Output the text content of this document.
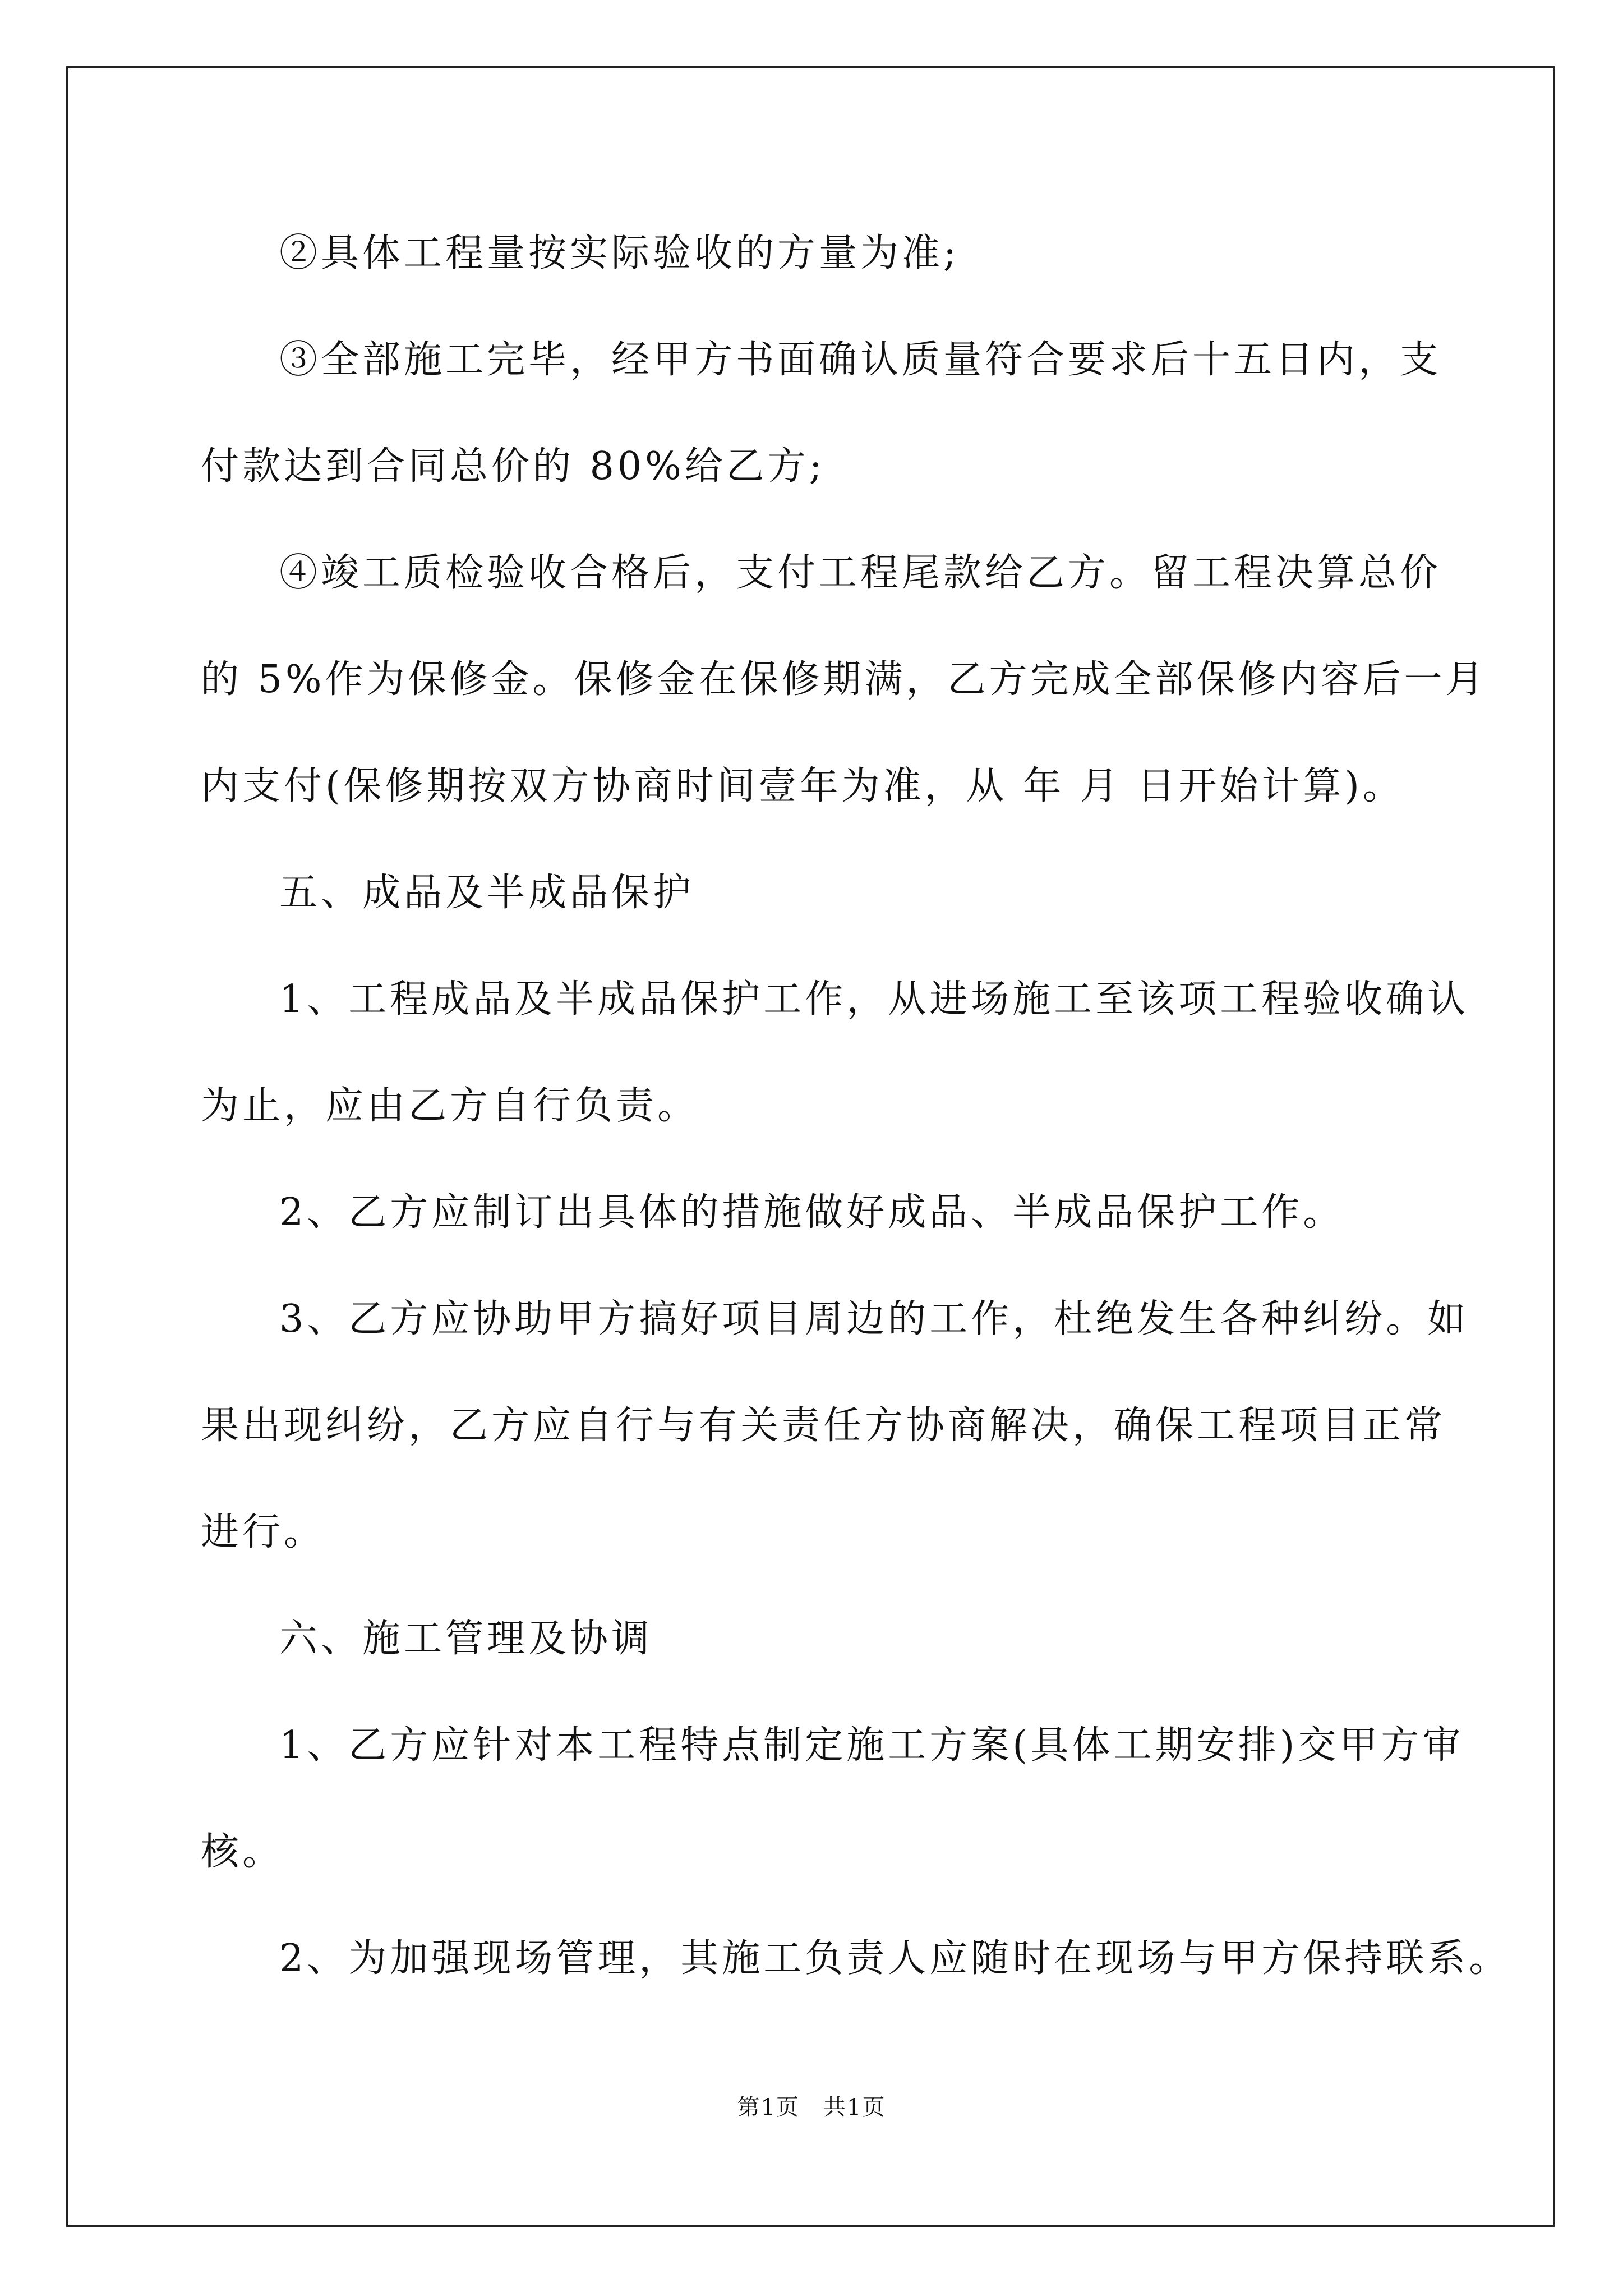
②具体工程量按实际验收的方量为准;

③全部施工完毕，经甲方书面确认质量符合要求后十五日内，支

付款达到合同总价的 80%给乙方;

④竣工质检验收合格后，支付工程尾款给乙方。留工程决算总价

的 5%作为保修金。保修金在保修期满，乙方完成全部保修内容后一月

内支付(保修期按双方协商时间壹年为准，从 年 月 日开始计算)。

五、成品及半成品保护

1、工程成品及半成品保护工作，从进场施工至该项工程验收确认

为止，应由乙方自行负责。

2、乙方应制订出具体的措施做好成品、半成品保护工作。

3、乙方应协助甲方搞好项目周边的工作，杜绝发生各种纠纷。如

果出现纠纷，乙方应自行与有关责任方协商解决，确保工程项目正常

进行。

六、施工管理及协调

1、乙方应针对本工程特点制定施工方案(具体工期安排)交甲方审

核。

2、为加强现场管理，其施工负责人应随时在现场与甲方保持联系。

第1页　共1页
